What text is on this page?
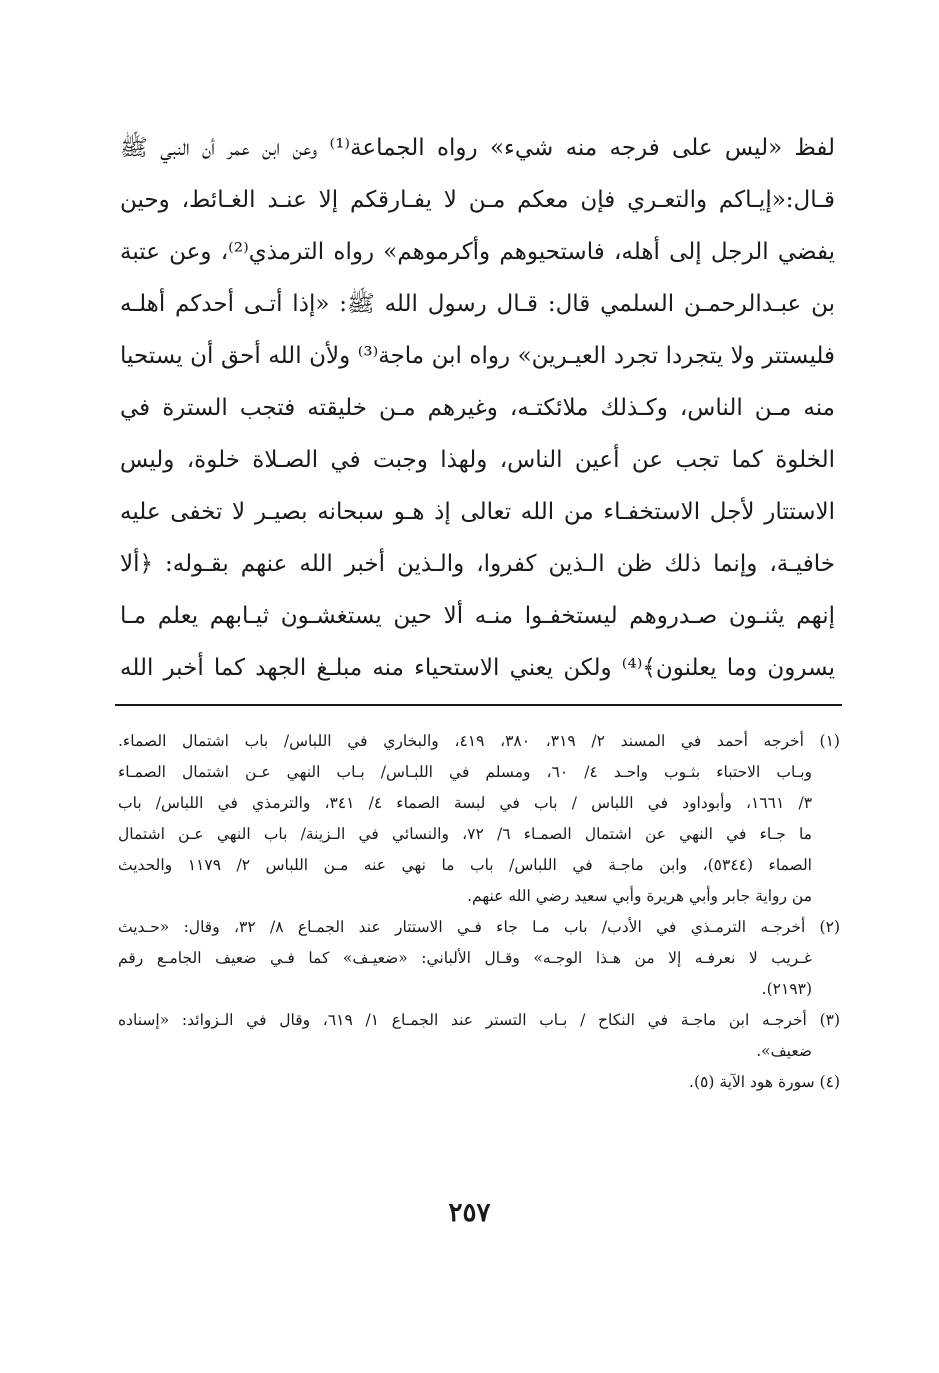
لفظ «ليس على فرجه منه شيء» رواه الجماعة⁽¹⁾ وعن ابن عمر أن النبي ﷺ
قـال:«إيـاكم والتعـري فإن معكم مـن لا يفـارقكم إلا عنـد الغـائط، وحين
يفضي الرجل إلى أهله، فاستحيوهم وأكرموهم» رواه الترمذي⁽²⁾، وعن عتبة
بن عبـدالرحمـن السلمي قال: قـال رسول الله ﷺ: «إذا أتـى أحدكم أهلـه
فليستتر ولا يتجردا تجرد العيـرين» رواه ابن ماجة⁽³⁾ ولأن الله أحق أن يستحيا
منه مـن الناس، وكـذلك ملائكتـه، وغيرهم مـن خليقته فتجب السترة في
الخلوة كما تجب عن أعين الناس، ولهذا وجبت في الصـلاة خلوة، وليس
الاستتار لأجل الاستخفـاء من الله تعالى إذ هـو سبحانه بصيـر لا تخفى عليه
خافيـة، وإنما ذلك ظن الـذين كفروا، والـذين أخبر الله عنهم بقـوله: ﴿ألا
إنهم يثنـون صـدروهم ليستخفـوا منـه ألا حين يستغشـون ثيـابهم يعلم مـا
يسرون وما يعلنون﴾⁽⁴⁾ ولكن يعني الاستحياء منه مبلـغ الجهد كما أخبر الله
(١) أخرجه أحمد في المسند ٢/ ٣١٩، ٣٨٠، ٤١٩، والبخاري في اللباس/ باب اشتمال الصماء.
وبـاب الاحتباء بثـوب واحـد ٤/ ٦٠، ومسلم في اللبـاس/ بـاب النهي عـن اشتمال الصمـاء
٣/ ١٦٦١، وأبوداود في اللباس / باب في لبسة الصماء ٤/ ٣٤١، والترمذي في اللباس/ باب
ما جـاء في النهي عن اشتمال الصمـاء ٦/ ٧٢، والنسائي في الـزينة/ باب النهي عـن اشتمال
الصماء (٥٣٤٤)، وابن ماجـة في اللباس/ باب ما نهي عنه مـن اللباس ٢/ ١١٧٩ والحديث
من رواية جابر وأبي هريرة وأبي سعيد رضي الله عنهم.
(٢) أخرجـه الترمـذي في الأدب/ باب مـا جاء فـي الاستتار عند الجمـاع ٨/ ٣٢، وقال: «حـديث
غـريب لا نعرفـه إلا من هـذا الوجـه» وقـال الألباني: «ضعيـف» كما فـي ضعيف الجامـع رقم
(٢١٩٣).
(٣) أخرجـه ابن ماجـة في النكاح / بـاب التستر عند الجمـاع ١/ ٦١٩، وقال في الـزوائد: «إسناده
ضعيف».
(٤) سورة هود الآية (٥).
٢٥٧
